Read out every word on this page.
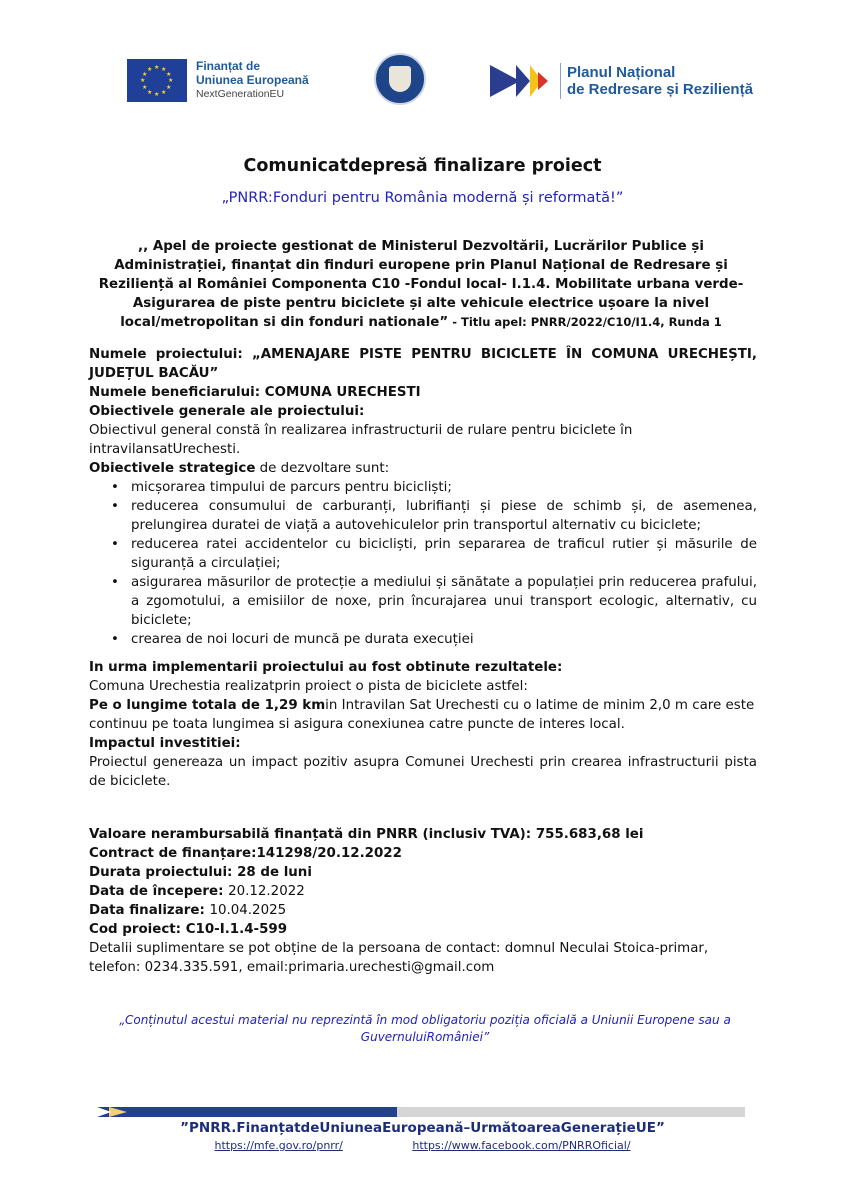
★ ★
★
★
★
★
★
★
★
★
★
★	Finanțat de
Uniunea Europeană
NextGenerationEU
Planul Național
de Redresare și Reziliență
Comunicatdepresă finalizare proiect
„PNRR:Fonduri pentru România modernă și reformată!”
,, Apel de proiecte gestionat de Ministerul Dezvoltării, Lucrărilor Publice și Administrației, finanțat din finduri europene prin Planul Național de Redresare și Reziliență al României Componenta C10 -Fondul local- I.1.4. Mobilitate urbana verde- Asigurarea de piste pentru biciclete și alte vehicule electrice ușoare la nivel local/metropolitan si din fonduri nationale” - Titlu apel: PNRR/2022/C10/I1.4, Runda 1
Numele proiectului: „AMENAJARE PISTE PENTRU BICICLETE ÎN COMUNA URECHEȘTI, JUDEȚUL BACĂU”
Numele beneficiarului: COMUNA URECHESTI
Obiectivele generale ale proiectului:
Obiectivul general constă în realizarea infrastructurii de rulare pentru biciclete în intravilansatUrechesti.
Obiectivele strategice de dezvoltare sunt:
• micșorarea timpului de parcurs pentru bicicliști;
• reducerea consumului de carburanți, lubrifianți și piese de schimb și, de asemenea, prelungirea duratei de viață a autovehiculelor prin transportul alternativ cu biciclete;
• reducerea ratei accidentelor cu bicicliști, prin separarea de traficul rutier și măsurile de siguranță a circulației;
• asigurarea măsurilor de protecție a mediului și sănătate a populației prin reducerea prafului, a zgomotului, a emisiilor de noxe, prin încurajarea unui transport ecologic, alternativ, cu biciclete;
• crearea de noi locuri de muncă pe durata execuției
In urma implementarii proiectului au fost obtinute rezultatele:
Comuna Urechestia realizatprin proiect o pista de biciclete astfel:
Pe o lungime totala de 1,29 kmin Intravilan Sat Urechesti cu o latime de minim 2,0 m care este continuu pe toata lungimea si asigura conexiunea catre puncte de interes local.
Impactul investitiei:
Proiectul genereaza un impact pozitiv asupra Comunei Urechesti prin crearea infrastructurii pista de biciclete.
Valoare nerambursabilă finanțată din PNRR (inclusiv TVA): 755.683,68 lei
Contract de finanțare:141298/20.12.2022
Durata proiectului: 28 de luni
Data de începere: 20.12.2022
Data finalizare: 10.04.2025
Cod proiect: C10-I.1.4-599
Detalii suplimentare se pot obține de la persoana de contact: domnul Neculai Stoica-primar, telefon: 0234.335.591, email:primaria.urechesti@gmail.com
„Conținutul acestui material nu reprezintă în mod obligatoriu poziția oficială a Uniunii Europene sau a GuvernuluiRomâniei”
”PNRR.FinanțatdeUniuneaEuropeană–UrmătoareaGenerațieUE”
https://mfe.gov.ro/pnrr/	https://www.facebook.com/PNRROficial/
